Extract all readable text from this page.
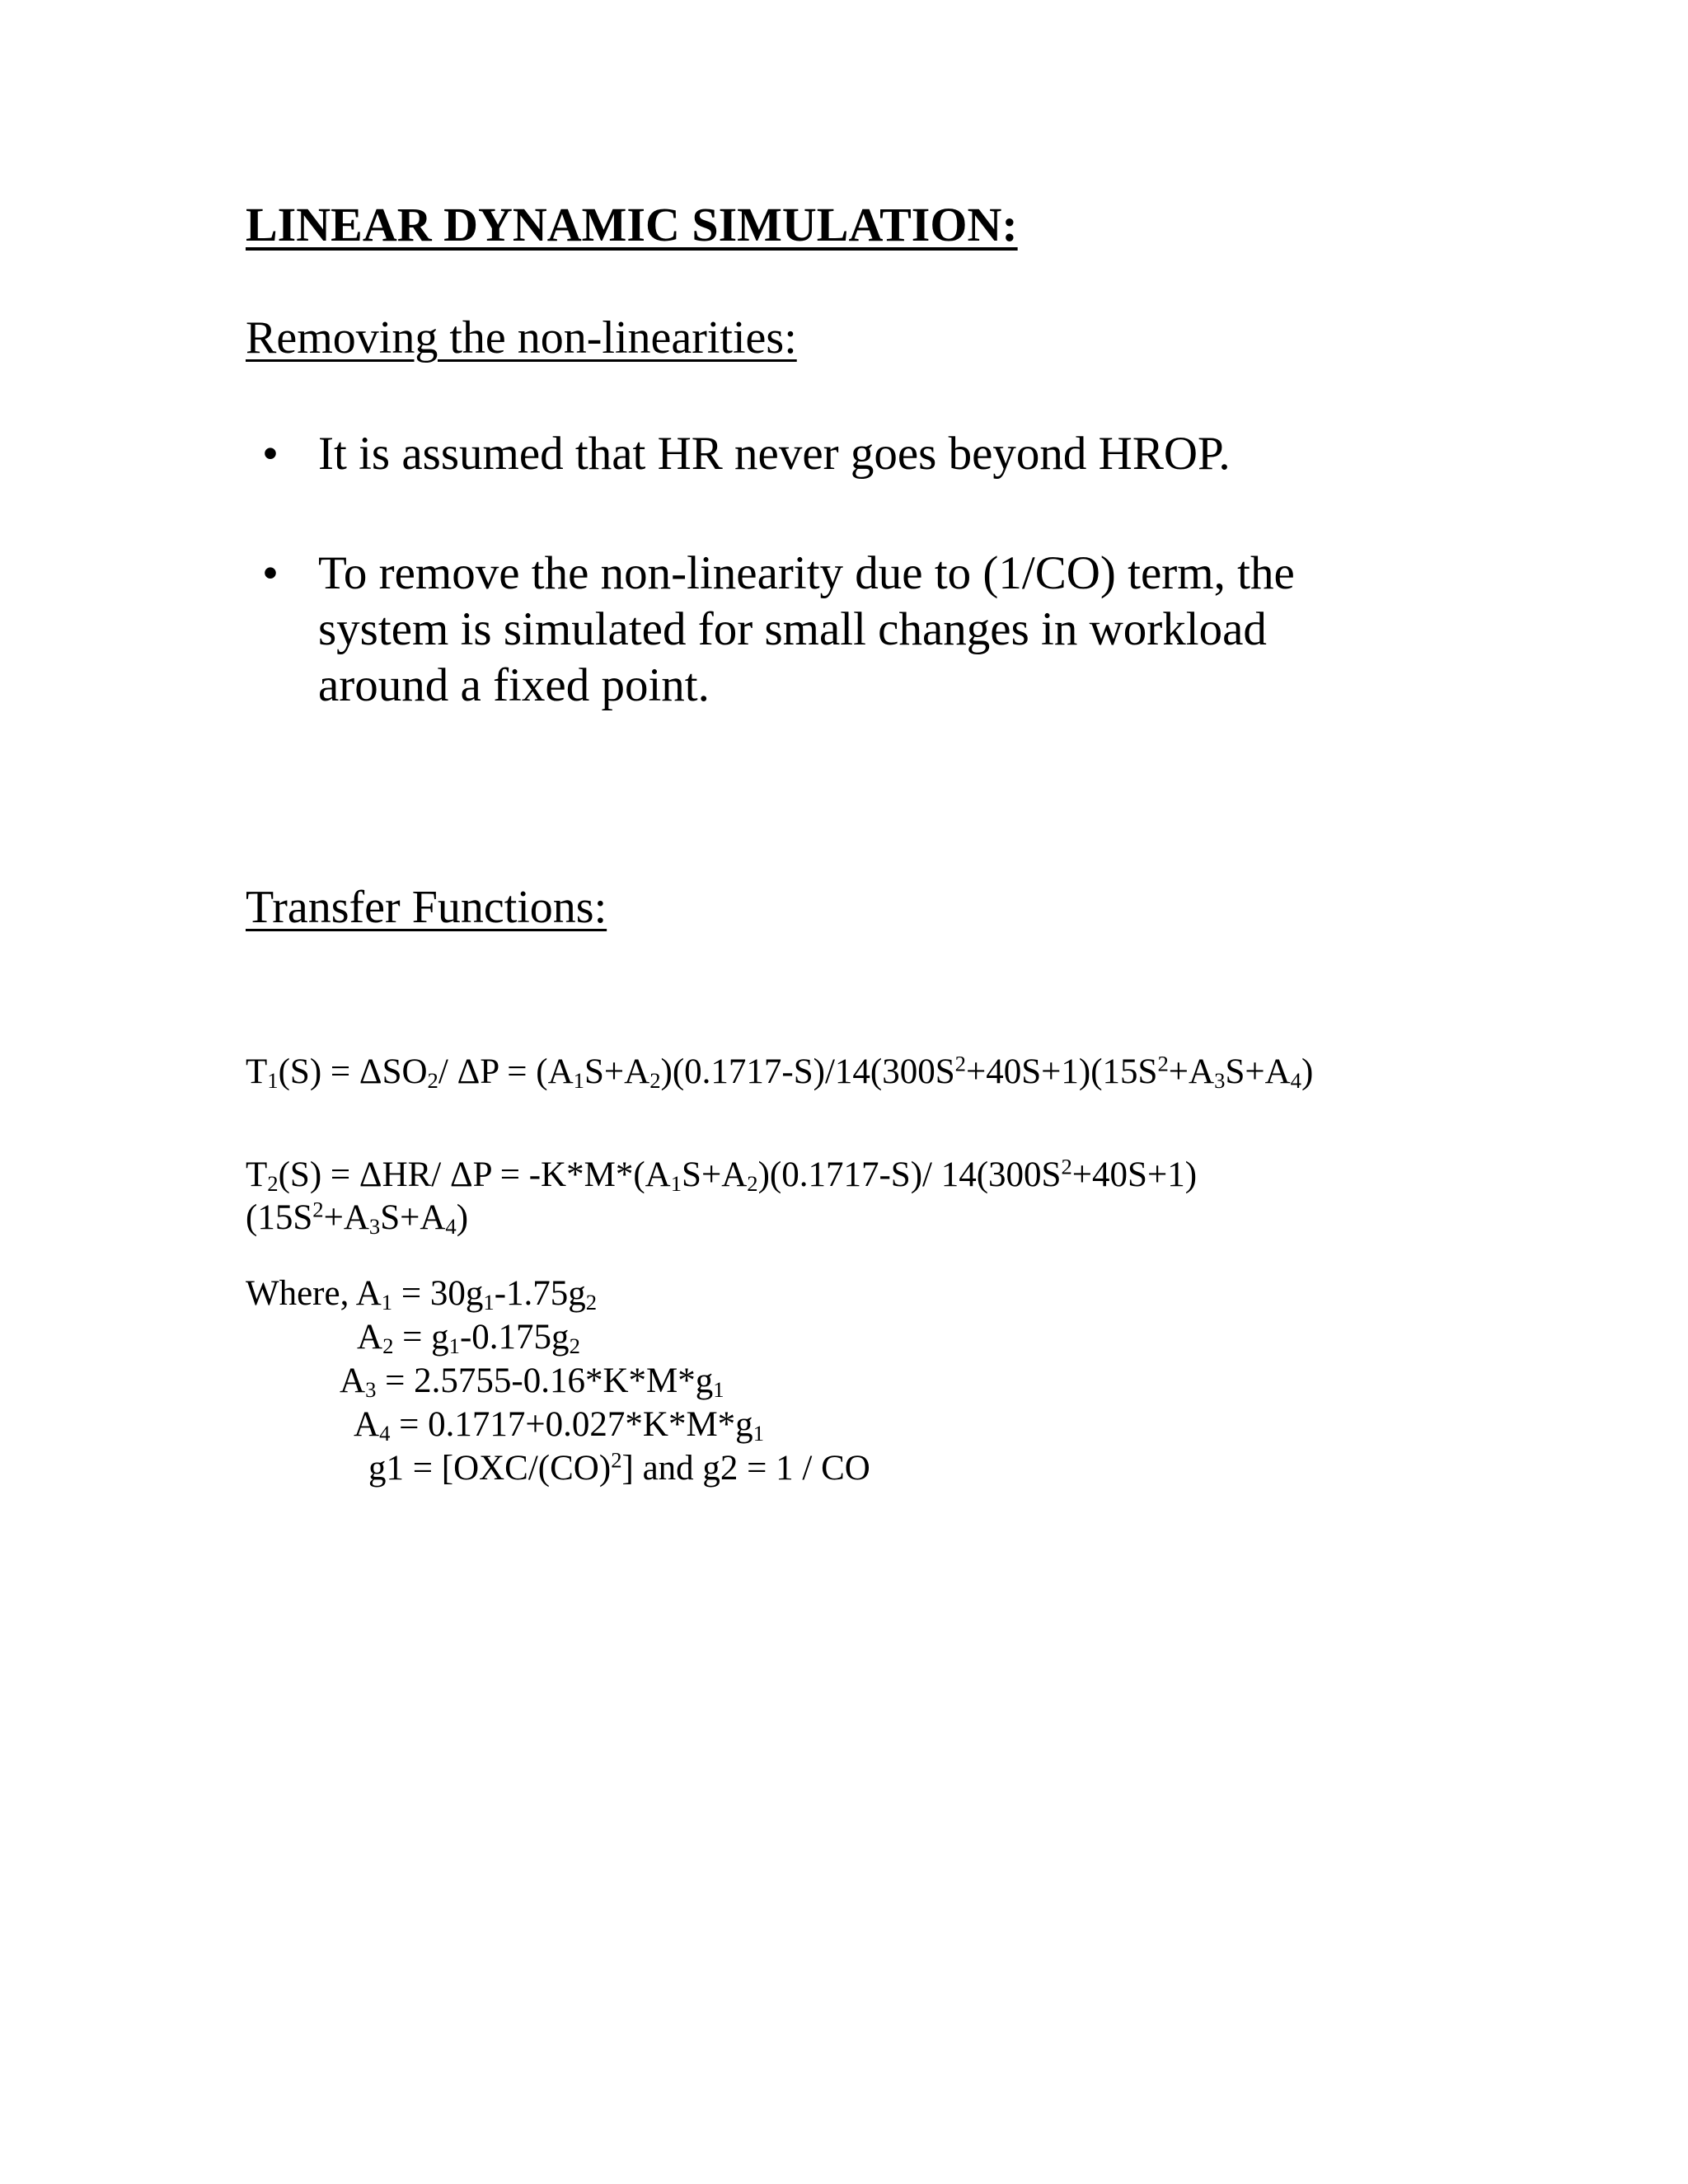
LINEAR DYNAMIC SIMULATION:
Removing the non-linearities:
• It is assumed that HR never goes beyond HROP.
• To remove the non-linearity due to (1/CO) term, the
system is simulated for small changes in workload
around a fixed point.
Transfer Functions:
$T_1(S) = \Delta SO_2/$ $\Delta P = (A_1S+A_2)(0.1717-S)/14(300S^2+40S+1)(15S^2+A_3S+A_4)$
$T_2(S) = \Delta HR/$ $\Delta P = -K*M*(A_1S+A_2)(0.1717-S)/$ $14(300S^2+40S+1)$
$(15S^2+A_3S+A_4)$
Where, $A_1 = 30g_1-1.75g_2$
$A_2 = g_1-0.175g_2$
$A_3 = 2.5755-0.16*K*M*g_1$
$A_4 = 0.1717+0.027*K*M*g_1$
g1 = [OXC/(CO)$^2$] and g2 = 1 / CO
